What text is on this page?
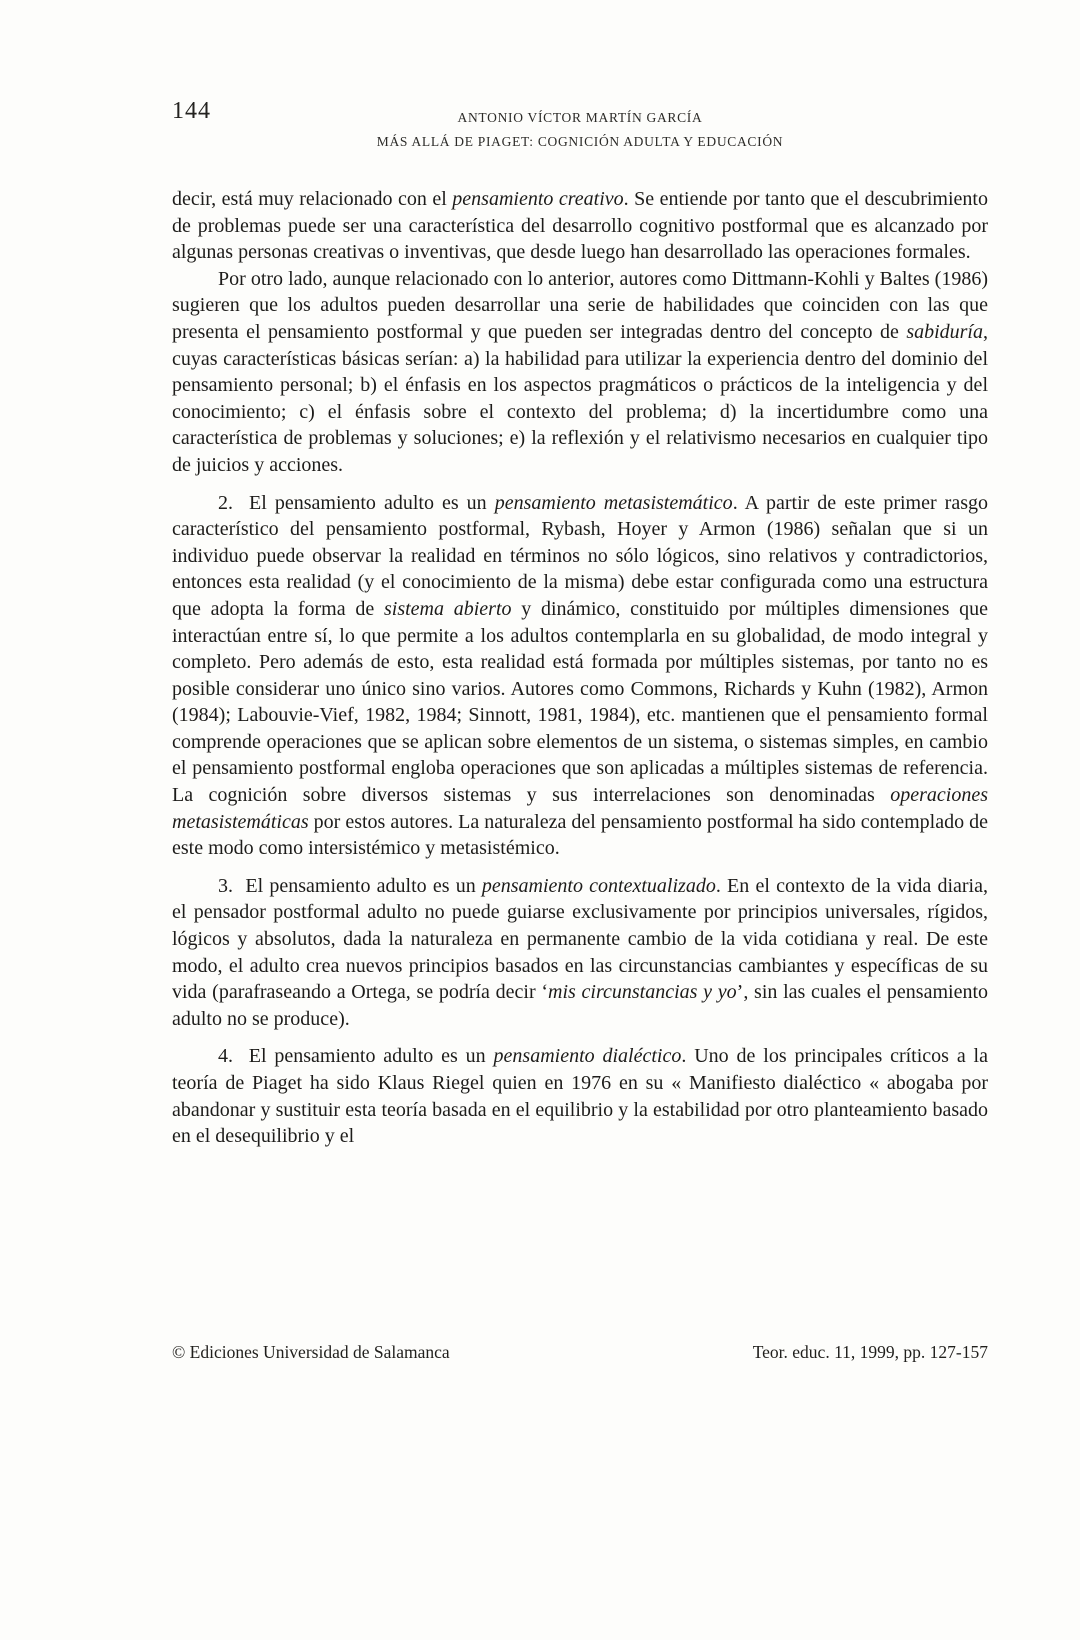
144	ANTONIO VÍCTOR MARTÍN GARCÍA
MÁS ALLÁ DE PIAGET: COGNICIÓN ADULTA Y EDUCACIÓN

decir, está muy relacionado con el pensamiento creativo. Se entiende por tanto que el descubrimiento de problemas puede ser una característica del desarrollo cognitivo postformal que es alcanzado por algunas personas creativas o inventivas, que desde luego han desarrollado las operaciones formales.

Por otro lado, aunque relacionado con lo anterior, autores como Dittmann-Kohli y Baltes (1986) sugieren que los adultos pueden desarrollar una serie de habilidades que coinciden con las que presenta el pensamiento postformal y que pueden ser integradas dentro del concepto de sabiduría, cuyas características básicas serían: a) la habilidad para utilizar la experiencia dentro del dominio del pensamiento personal; b) el énfasis en los aspectos pragmáticos o prácticos de la inteligencia y del conocimiento; c) el énfasis sobre el contexto del problema; d) la incertidumbre como una característica de problemas y soluciones; e) la reflexión y el relativismo necesarios en cualquier tipo de juicios y acciones.

2.  El pensamiento adulto es un pensamiento metasistemático. A partir de este primer rasgo característico del pensamiento postformal, Rybash, Hoyer y Armon (1986) señalan que si un individuo puede observar la realidad en términos no sólo lógicos, sino relativos y contradictorios, entonces esta realidad (y el conocimiento de la misma) debe estar configurada como una estructura que adopta la forma de sistema abierto y dinámico, constituido por múltiples dimensiones que interactúan entre sí, lo que permite a los adultos contemplarla en su globalidad, de modo integral y completo. Pero además de esto, esta realidad está formada por múltiples sistemas, por tanto no es posible considerar uno único sino varios. Autores como Commons, Richards y Kuhn (1982), Armon (1984); Labouvie-Vief, 1982, 1984; Sinnott, 1981, 1984), etc. mantienen que el pensamiento formal comprende operaciones que se aplican sobre elementos de un sistema, o sistemas simples, en cambio el pensamiento postformal engloba operaciones que son aplicadas a múltiples sistemas de referencia. La cognición sobre diversos sistemas y sus interrelaciones son denominadas operaciones metasistemáticas por estos autores. La naturaleza del pensamiento postformal ha sido contemplado de este modo como intersistémico y metasistémico.

3.  El pensamiento adulto es un pensamiento contextualizado. En el contexto de la vida diaria, el pensador postformal adulto no puede guiarse exclusivamente por principios universales, rígidos, lógicos y absolutos, dada la naturaleza en permanente cambio de la vida cotidiana y real. De este modo, el adulto crea nuevos principios basados en las circunstancias cambiantes y específicas de su vida (parafraseando a Ortega, se podría decir ‘mis circunstancias y yo’, sin las cuales el pensamiento adulto no se produce).

4.  El pensamiento adulto es un pensamiento dialéctico. Uno de los principales críticos a la teoría de Piaget ha sido Klaus Riegel quien en 1976 en su « Manifiesto dialéctico « abogaba por abandonar y sustituir esta teoría basada en el equilibrio y la estabilidad por otro planteamiento basado en el desequilibrio y el

© Ediciones Universidad de Salamanca	Teor. educ. 11, 1999, pp. 127-157
